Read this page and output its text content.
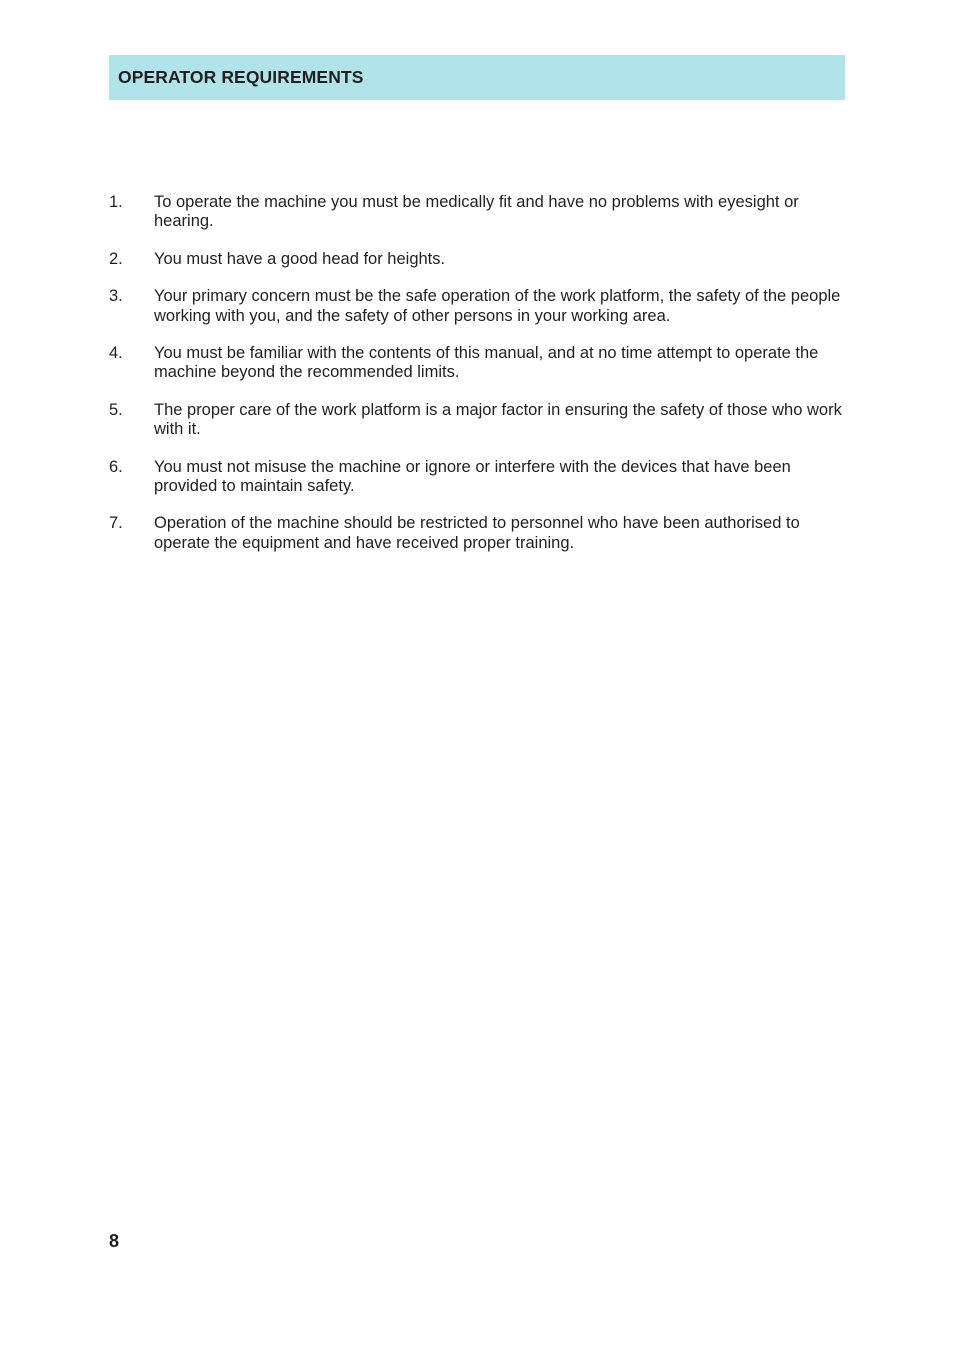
OPERATOR REQUIREMENTS
1.	To operate the machine you must be medically fit and have no problems with eyesight or hearing.
2.	You must have a good head for heights.
3.	Your primary concern must be the safe operation of the work platform, the safety of the people working with you, and the safety of other persons in your working area.
4.	You must be familiar with the contents of this manual, and at no time attempt to operate the machine beyond the recommended limits.
5.	The proper care of the work platform is a major factor in ensuring the safety of those who work with it.
6.	You must not misuse the machine or ignore or interfere with the devices that have been provided to maintain safety.
7.	Operation of the machine should be restricted to personnel who have been authorised to operate the equipment and have received proper training.
8
